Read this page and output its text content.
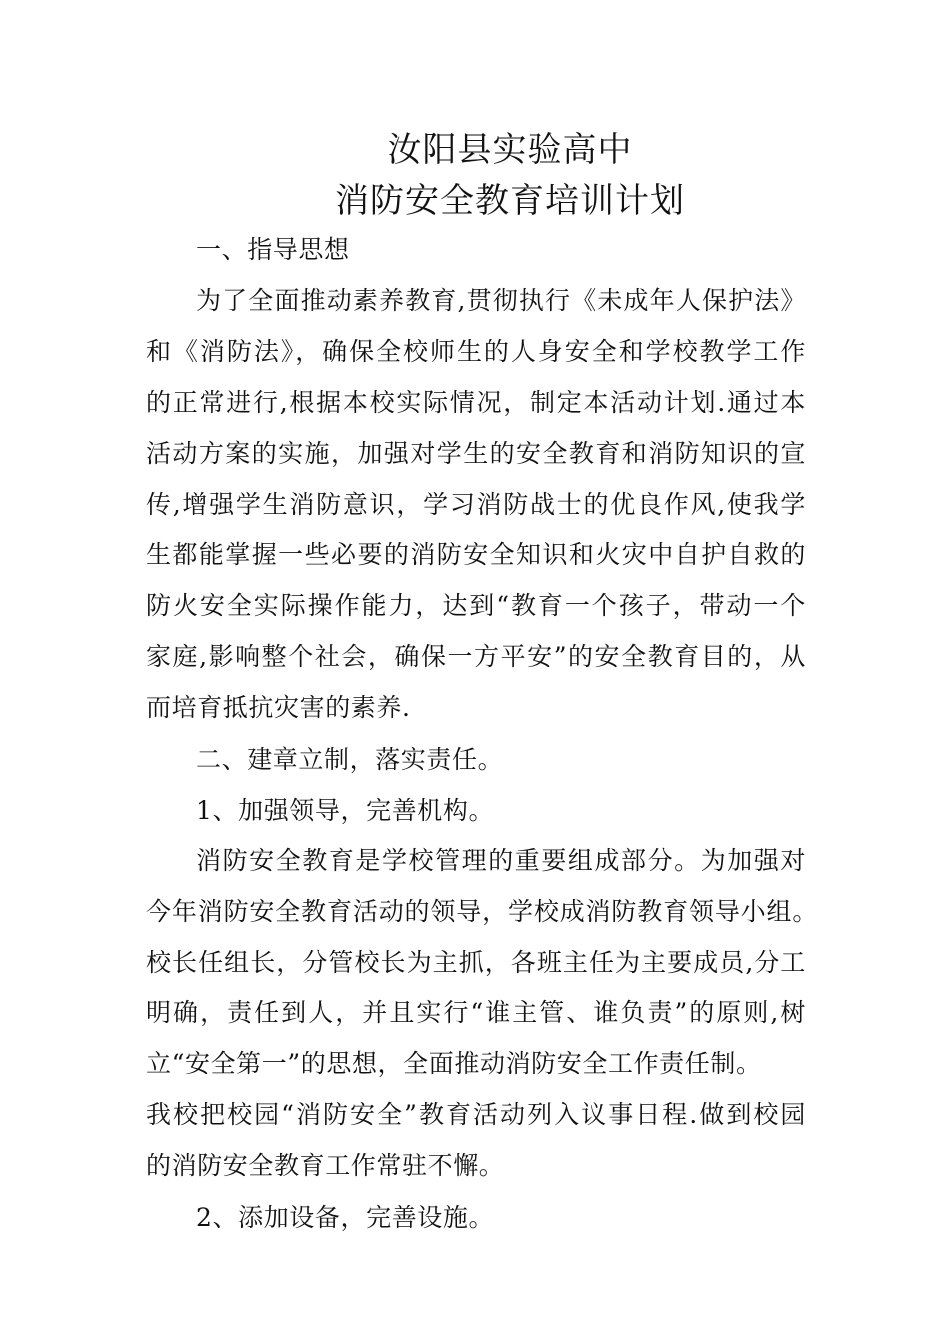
汝阳县实验高中
消防安全教育培训计划
一、指导思想
为了全面推动素养教育,贯彻执行《未成年人保护法》
和《消防法》，确保全校师生的人身安全和学校教学工作
的正常进行,根据本校实际情况，制定本活动计划.通过本
活动方案的实施，加强对学生的安全教育和消防知识的宣
传,增强学生消防意识，学习消防战士的优良作风,使我学
生都能掌握一些必要的消防安全知识和火灾中自护自救的
防火安全实际操作能力，达到“教育一个孩子，带动一个
家庭,影响整个社会，确保一方平安”的安全教育目的，从
而培育抵抗灾害的素养.
二、建章立制，落实责任。
1、加强领导，完善机构。
消防安全教育是学校管理的重要组成部分。为加强对
今年消防安全教育活动的领导，学校成消防教育领导小组。
校长任组长，分管校长为主抓，各班主任为主要成员,分工
明确，责任到人，并且实行“谁主管、谁负责”的原则,树
立“安全第一”的思想，全面推动消防安全工作责任制。
我校把校园“消防安全”教育活动列入议事日程.做到校园
的消防安全教育工作常驻不懈。
2、添加设备，完善设施。
